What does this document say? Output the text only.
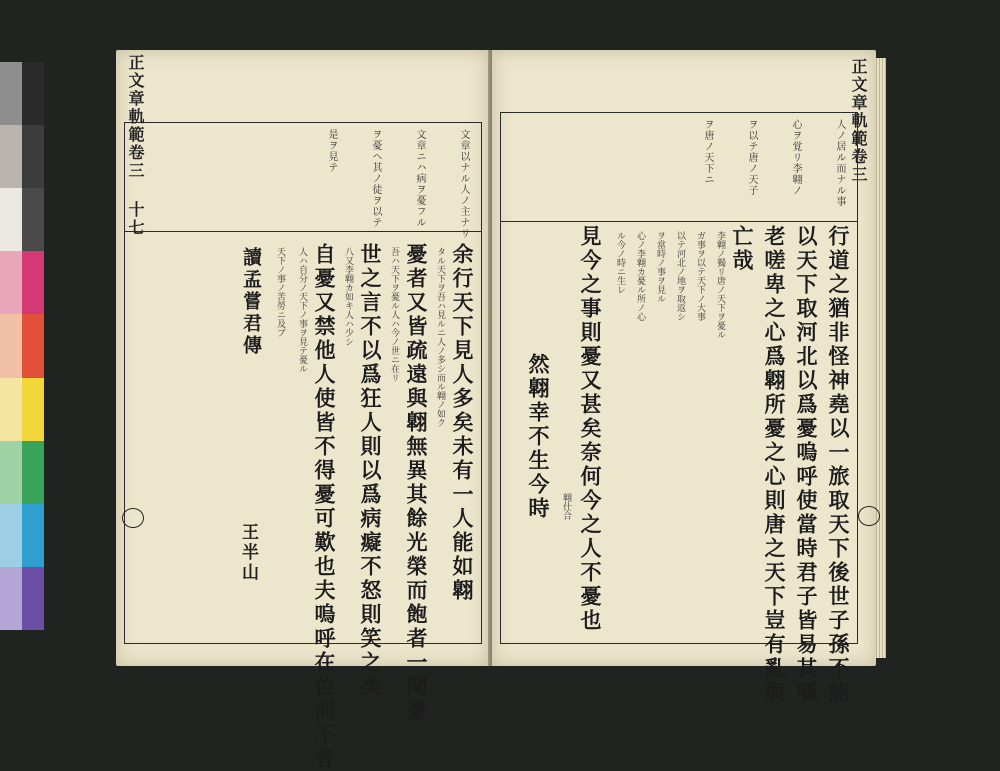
正文章軌範卷三 十七	文章以ナル人ノ主ナリ
文章ニハ病ヲ憂フル
ヲ憂ヘ其ノ徒ヲ以テ
是ヲ見テ
余行天下見人多矣未有一人能如翺
タル天下ヲ吾ハ見ルニ人ノ多シ而ル翺ノ如ク
憂者又皆疏遠與翺無異其餘光榮而飽者一聞憂
吾ハ天下ヲ憂ル人ハ今ノ世ニ在リ
世之言不以爲狂人則以爲病癡不怒則笑之矣
八又李翺カ如キ人ハ少シ
自憂又禁他人使皆不得憂可歎也夫嗚呼在位而不肯
人ハ自分ノ天下ノ事ヲ見テ憂ル
天下ノ事ノ苦勞ニ及ブ
讀孟嘗君傳
王半山
正文章軌範卷三
人ノ居ル而ナル事
心ヲ覚リ李翺ノ
ヲ以テ唐ノ天子
ヲ唐ノ天下ニ
行道之猶非怪神堯以一旅取天下後世子孫不能
以天下取河北以爲憂嗚呼使當時君子皆易其嘆
老嗟卑之心爲翺所憂之心則唐之天下豈有亂與
亡哉
李翺ノ獨リ唐ノ天下ヲ憂ル
ガ事ヲ以テ天下ノ大事
以テ河北ノ地ヲ取返シ
ヲ當時ノ事ヲ見ル
心ノ李翺カ憂ル所ノ心
ル今ノ時ニ生レ
見今之事則憂又甚矣奈何今之人不憂也
翺仕合
然翺幸不生今時
